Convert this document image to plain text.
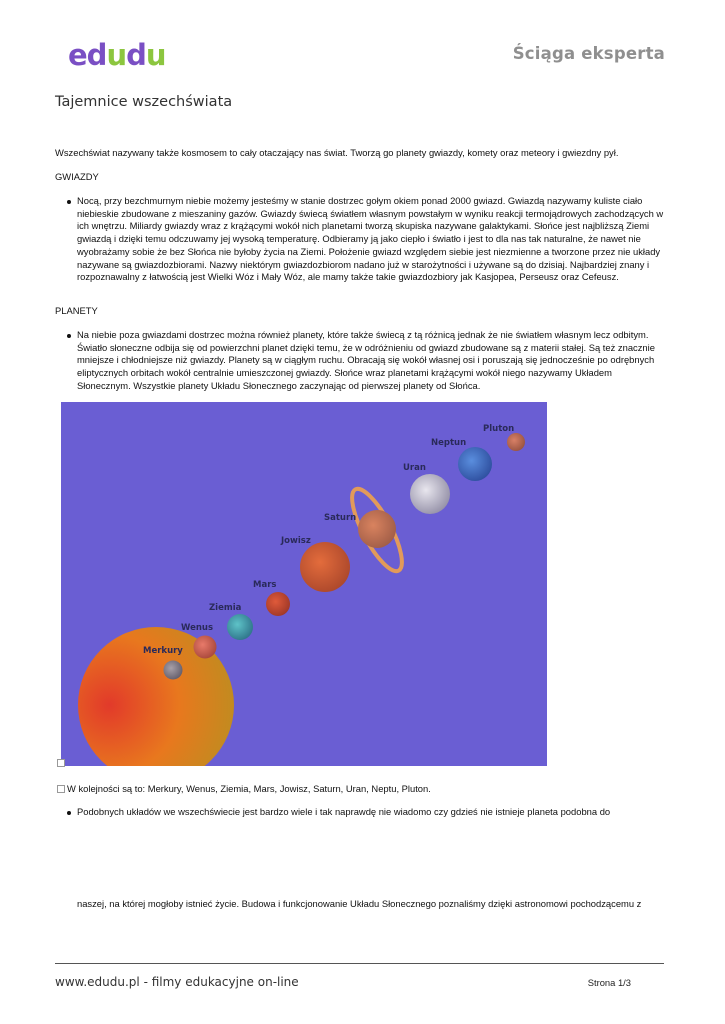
edudu	Ściąga eksperta
Tajemnice wszechświata
Wszechświat nazywany także kosmosem to cały otaczający nas świat. Tworzą go planety gwiazdy, komety oraz meteory i gwiezdny pył.
GWIAZDY
Nocą, przy bezchmurnym niebie możemy jesteśmy w stanie dostrzec gołym okiem ponad 2000 gwiazd. Gwiazdą nazywamy kuliste ciało niebieskie zbudowane z mieszaniny gazów. Gwiazdy świecą światłem własnym powstałym w wyniku reakcji termojądrowych zachodzących w ich wnętrzu. Miliardy gwiazdy wraz z krążącymi wokół nich planetami tworzą skupiska nazywane galaktykami. Słońce jest najbliższą Ziemi gwiazdą i dzięki temu odczuwamy jej wysoką temperaturę. Odbieramy ją jako ciepło i światło i jest to dla nas tak naturalne, że nawet nie wyobrażamy sobie że bez Słońca nie byłoby życia na Ziemi. Położenie gwiazd względem siebie jest niezmienne a tworzone przez nie układy nazywane są gwiazdozbiorami. Nazwy niektórym gwiazdozbiorom nadano już w starożytności i używane są do dzisiaj. Najbardziej znany i rozpoznawalny z łatwością jest Wielki Wóz i Mały Wóz, ale mamy także takie gwiazdozbiory jak Kasjopea, Perseusz oraz Cefeusz.
PLANETY
Na niebie poza gwiazdami dostrzec można również planety, które także świecą z tą różnicą jednak że nie światłem własnym lecz odbitym. Światło słoneczne odbija się od powierzchni planet dzięki temu, że w odróżnieniu od gwiazd zbudowane są z materii stałej. Są też znacznie mniejsze i chłodniejsze niż gwiazdy. Planety są w ciągłym ruchu. Obracają się wokół własnej osi i poruszają się jednocześnie po odrębnych eliptycznych orbitach wokół centralnie umieszczonej gwiazdy. Słońce wraz planetami krążącymi wokół niego nazywamy Układem Słonecznym. Wszystkie planety Układu Słonecznego zaczynając od pierwszej planety od Słońca.
Merkury
Wenus
Ziemia
Mars
Jowisz
Saturn
Uran
Neptun
Pluton
W kolejności są to: Merkury, Wenus, Ziemia, Mars, Jowisz, Saturn, Uran, Neptu, Pluton.
Podobnych układów we wszechświecie jest bardzo wiele i tak naprawdę nie wiadomo czy gdzieś nie istnieje planeta podobna do
naszej, na której mogłoby istnieć życie. Budowa i funkcjonowanie Układu Słonecznego poznaliśmy dzięki astronomowi pochodzącemu z
www.edudu.pl - filmy edukacyjne on-line	Strona 1/3
